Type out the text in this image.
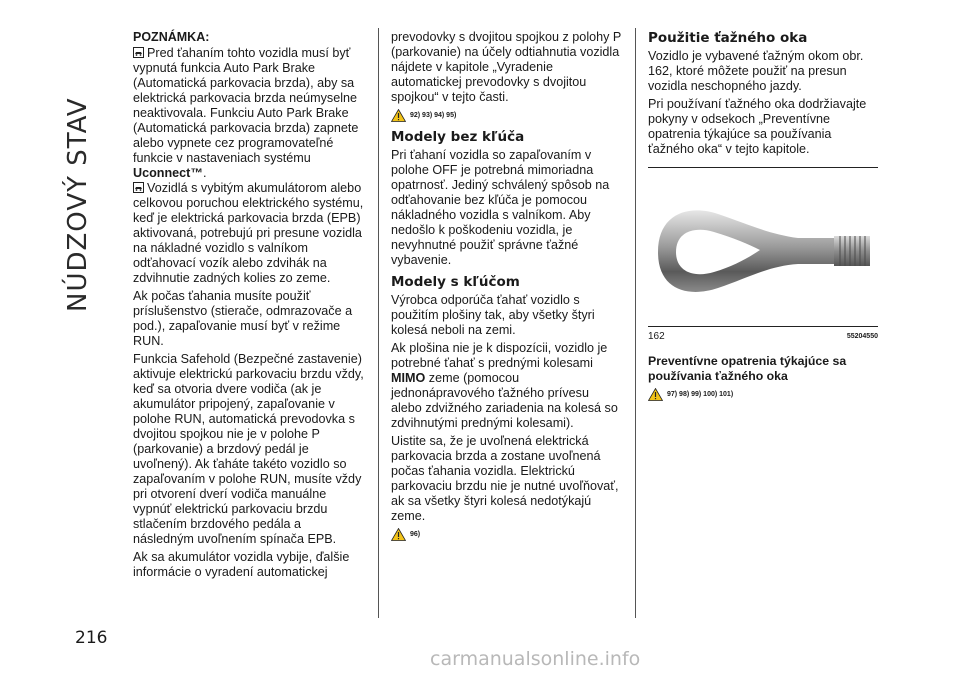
NÚDZOVÝ STAV
216
POZNÁMKA:

Pred ťahaním tohto vozidla musí byť vypnutá funkcia Auto Park Brake (Automatická parkovacia brzda), aby sa elektrická parkovacia brzda neúmyselne neaktivovala. Funkciu Auto Park Brake (Automatická parkovacia brzda) zapnete alebo vypnete cez programovateľné funkcie v nastaveniach systému Uconnect™.

Vozidlá s vybitým akumulátorom alebo celkovou poruchou elektrického systému, keď je elektrická parkovacia brzda (EPB) aktivovaná, potrebujú pri presune vozidla na nákladné vozidlo s valníkom odťahovací vozík alebo zdvihák na zdvihnutie zadných kolies zo zeme.

Ak počas ťahania musíte použiť príslušenstvo (stierače, odmrazovače a pod.), zapaľovanie musí byť v režime RUN.

Funkcia Safehold (Bezpečné zastavenie) aktivuje elektrickú parkovaciu brzdu vždy, keď sa otvoria dvere vodiča (ak je akumulátor pripojený, zapaľovanie v polohe RUN, automatická prevodovka s dvojitou spojkou nie je v polohe P (parkovanie) a brzdový pedál je uvoľnený). Ak ťaháte takéto vozidlo so zapaľovaním v polohe RUN, musíte vždy pri otvorení dverí vodiča manuálne vypnúť elektrickú parkovaciu brzdu stlačením brzdového pedála a následným uvoľnením spínača EPB.

Ak sa akumulátor vozidla vybije, ďalšie informácie o vyradení automatickej

prevodovky s dvojitou spojkou z polohy P (parkovanie) na účely odtiahnutia vozidla nájdete v kapitole „Vyradenie automatickej prevodovky s dvojitou spojkou“ v tejto časti.

92) 93) 94) 95)
Modely bez kľúča

Pri ťahaní vozidla so zapaľovaním v polohe OFF je potrebná mimoriadna opatrnosť. Jediný schválený spôsob na odťahovanie bez kľúča je pomocou nákladného vozidla s valníkom. Aby nedošlo k poškodeniu vozidla, je nevyhnutné použiť správne ťažné vybavenie.

Modely s kľúčom

Výrobca odporúča ťahať vozidlo s použitím plošiny tak, aby všetky štyri kolesá neboli na zemi.

Ak plošina nie je k dispozícii, vozidlo je potrebné ťahať s prednými kolesami MIMO zeme (pomocou jednonápravového ťažného prívesu alebo zdvižného zariadenia na kolesá so zdvihnutými prednými kolesami).

Uistite sa, že je uvoľnená elektrická parkovacia brzda a zostane uvoľnená počas ťahania vozidla. Elektrickú parkovaciu brzdu nie je nutné uvoľňovať, ak sa všetky štyri kolesá nedotýkajú zeme.

96)
Použitie ťažného oka

Vozidlo je vybavené ťažným okom obr. 162, ktoré môžete použiť na presun vozidla neschopného jazdy.

Pri používaní ťažného oka dodržiavajte pokyny v odsekoch „Preventívne opatrenia týkajúce sa používania ťažného oka“ v tejto kapitole.

162	55204550
Preventívne opatrenia týkajúce sa používania ťažného oka
97) 98) 99) 100) 101)
carmanualsonline.info
